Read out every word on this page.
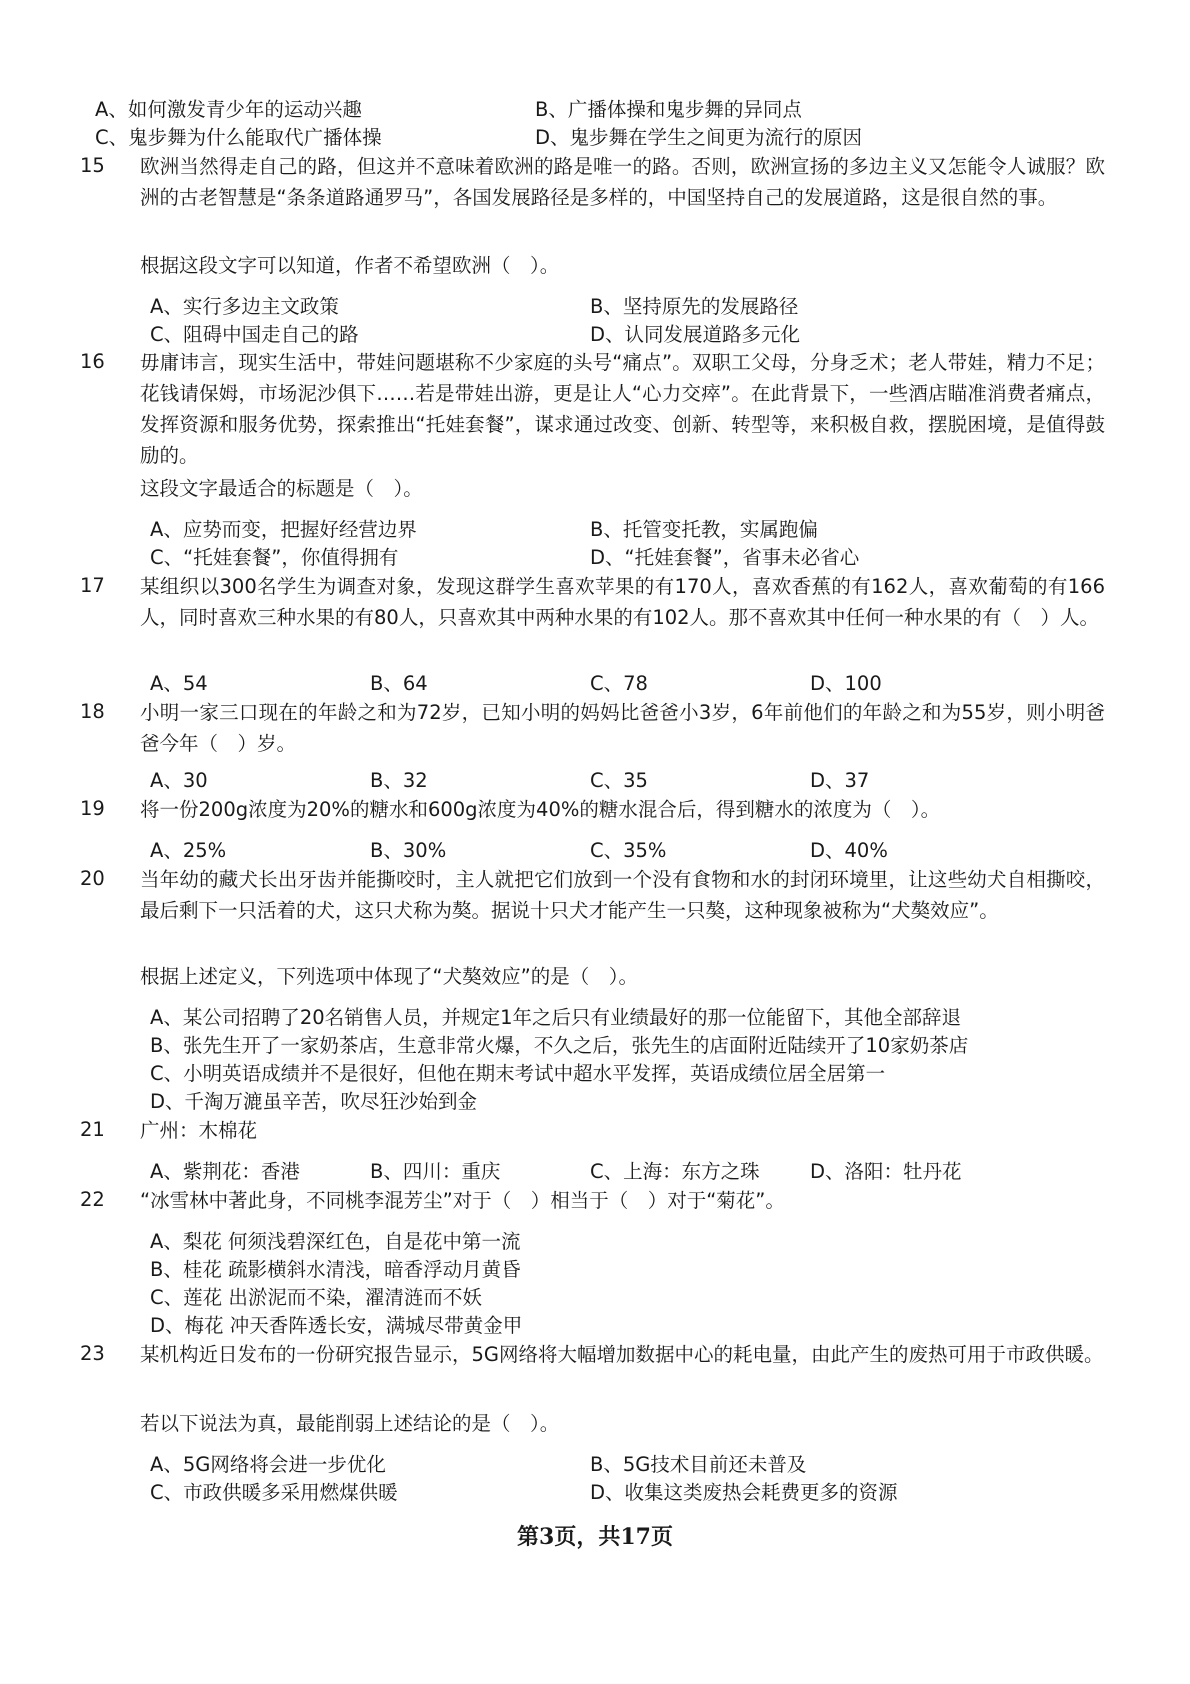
A、如何激发青少年的运动兴趣	B、广播体操和鬼步舞的异同点
C、鬼步舞为什么能取代广播体操	D、鬼步舞在学生之间更为流行的原因
15 欧洲当然得走自己的路，但这并不意味着欧洲的路是唯一的路。否则，欧洲宣扬的多边主义又怎能令人诚服？欧洲的古老智慧是“条条道路通罗马”，各国发展路径是多样的，中国坚持自己的发展道路，这是很自然的事。
根据这段文字可以知道，作者不希望欧洲（　）。
A、实行多边主文政策	B、坚持原先的发展路径
C、阻碍中国走自己的路	D、认同发展道路多元化
16 毋庸讳言，现实生活中，带娃问题堪称不少家庭的头号“痛点”。双职工父母，分身乏术；老人带娃，精力不足；花钱请保姆，市场泥沙俱下……若是带娃出游，更是让人“心力交瘁”。在此背景下，一些酒店瞄准消费者痛点，发挥资源和服务优势，探索推出“托娃套餐”，谋求通过改变、创新、转型等，来积极自救，摆脱困境，是值得鼓励的。
这段文字最适合的标题是（　）。
A、应势而变，把握好经营边界	B、托管变托教，实属跑偏
C、“托娃套餐”，你值得拥有	D、“托娃套餐”，省事未必省心
17 某组织以300名学生为调查对象，发现这群学生喜欢苹果的有170人，喜欢香蕉的有162人，喜欢葡萄的有166人，同时喜欢三种水果的有80人，只喜欢其中两种水果的有102人。那不喜欢其中任何一种水果的有（　）人。
A、54	B、64	C、78	D、100
18 小明一家三口现在的年龄之和为72岁，已知小明的妈妈比爸爸小3岁，6年前他们的年龄之和为55岁，则小明爸爸今年（　）岁。
A、30	B、32	C、35	D、37
19 将一份200g浓度为20%的糖水和600g浓度为40%的糖水混合后，得到糖水的浓度为（　）。
A、25%	B、30%	C、35%	D、40%
20 当年幼的藏犬长出牙齿并能撕咬时，主人就把它们放到一个没有食物和水的封闭环境里，让这些幼犬自相撕咬，最后剩下一只活着的犬，这只犬称为獒。据说十只犬才能产生一只獒，这种现象被称为“犬獒效应”。
根据上述定义，下列选项中体现了“犬獒效应”的是（　）。
A、某公司招聘了20名销售人员，并规定1年之后只有业绩最好的那一位能留下，其他全部辞退
B、张先生开了一家奶茶店，生意非常火爆，不久之后，张先生的店面附近陆续开了10家奶茶店
C、小明英语成绩并不是很好，但他在期末考试中超水平发挥，英语成绩位居全居第一
D、千淘万漉虽辛苦，吹尽狂沙始到金
21 广州：木棉花
A、紫荆花：香港	B、四川：重庆	C、上海：东方之珠	D、洛阳：牡丹花
22 “冰雪林中著此身，不同桃李混芳尘”对于（　）相当于（　）对于“菊花”。
A、梨花 何须浅碧深红色，自是花中第一流
B、桂花 疏影横斜水清浅，暗香浮动月黄昏
C、莲花 出淤泥而不染，濯清涟而不妖
D、梅花 冲天香阵透长安，满城尽带黄金甲
23 某机构近日发布的一份研究报告显示，5G网络将大幅增加数据中心的耗电量，由此产生的废热可用于市政供暖。
若以下说法为真，最能削弱上述结论的是（　）。
A、5G网络将会进一步优化	B、5G技术目前还未普及
C、市政供暖多采用燃煤供暖	D、收集这类废热会耗费更多的资源
第3页，共17页
